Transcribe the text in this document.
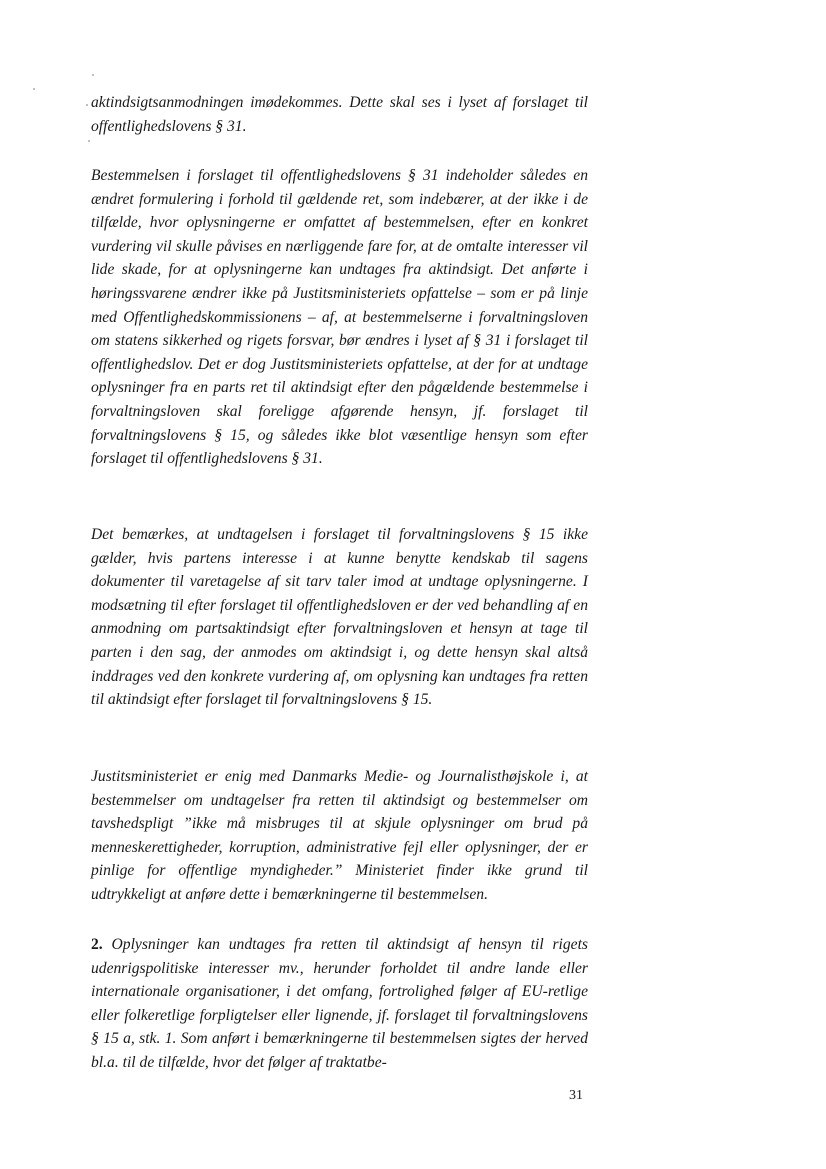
aktindsigtsanmodningen imødekommes. Dette skal ses i lyset af forslaget til offentlighedslovens § 31.

Bestemmelsen i forslaget til offentlighedslovens § 31 indeholder således en ændret formulering i forhold til gældende ret, som indebærer, at der ikke i de tilfælde, hvor oplysningerne er omfattet af bestemmelsen, efter en konkret vurdering vil skulle påvises en nærliggende fare for, at de omtalte interesser vil lide skade, for at oplysningerne kan undtages fra aktindsigt. Det anførte i høringssvarene ændrer ikke på Justitsministeriets opfattelse – som er på linje med Offentlighedskommissionens – af, at bestemmelserne i forvaltningsloven om statens sikkerhed og rigets forsvar, bør ændres i lyset af § 31 i forslaget til offentlighedslov. Det er dog Justitsministeriets opfattelse, at der for at undtage oplysninger fra en parts ret til aktindsigt efter den pågældende bestemmelse i forvaltningsloven skal foreligge afgørende hensyn, jf. forslaget til forvaltningslovens § 15, og således ikke blot væsentlige hensyn som efter forslaget til offentlighedslovens § 31.

Det bemærkes, at undtagelsen i forslaget til forvaltningslovens § 15 ikke gælder, hvis partens interesse i at kunne benytte kendskab til sagens dokumenter til varetagelse af sit tarv taler imod at undtage oplysningerne. I modsætning til efter forslaget til offentlighedsloven er der ved behandling af en anmodning om partsaktindsigt efter forvaltningsloven et hensyn at tage til parten i den sag, der anmodes om aktindsigt i, og dette hensyn skal altså inddrages ved den konkrete vurdering af, om oplysning kan undtages fra retten til aktindsigt efter forslaget til forvaltningslovens § 15.

Justitsministeriet er enig med Danmarks Medie- og Journalisthøjskole i, at bestemmelser om undtagelser fra retten til aktindsigt og bestemmelser om tavshedspligt ”ikke må misbruges til at skjule oplysninger om brud på menneskerettigheder, korruption, administrative fejl eller oplysninger, der er pinlige for offentlige myndigheder.” Ministeriet finder ikke grund til udtrykkeligt at anføre dette i bemærkningerne til bestemmelsen.

2. Oplysninger kan undtages fra retten til aktindsigt af hensyn til rigets udenrigspolitiske interesser mv., herunder forholdet til andre lande eller internationale organisationer, i det omfang, fortrolighed følger af EU-retlige eller folkeretlige forpligtelser eller lignende, jf. forslaget til forvaltningslovens § 15 a, stk. 1. Som anført i bemærkningerne til bestemmelsen sigtes der herved bl.a. til de tilfælde, hvor det følger af traktatbe-

31
